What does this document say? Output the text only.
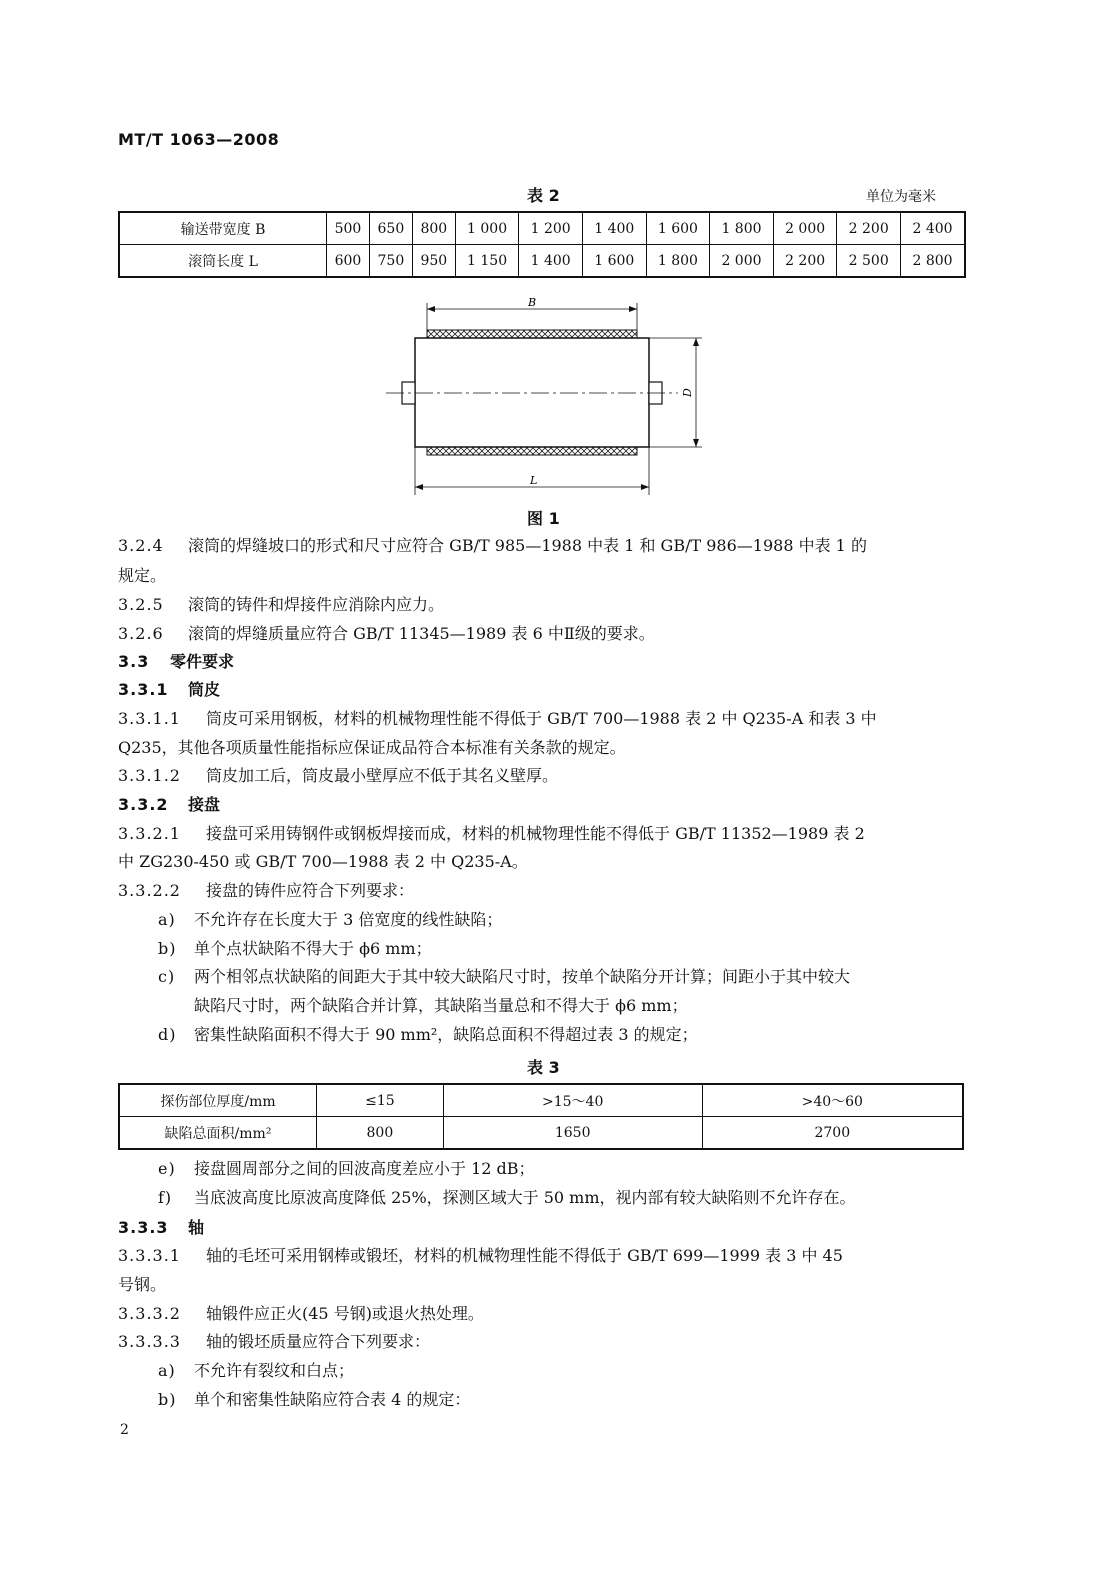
MT/T 1063—2008
表 2	单位为毫米
输送带宽度 B	500	650	800	1 000	1 200	1 400	1 600	1 800	2 000	2 200	2 400
滚筒长度 L	600	750	950	1 150	1 400	1 600	1 800	2 000	2 200	2 500	2 800
B
D
L
图 1
3.2.4 滚筒的焊缝坡口的形式和尺寸应符合 GB/T 985—1988 中表 1 和 GB/T 986—1988 中表 1 的
规定。
3.2.5 滚筒的铸件和焊接件应消除内应力。
3.2.6 滚筒的焊缝质量应符合 GB/T 11345—1989 表 6 中Ⅱ级的要求。
3.3 零件要求
3.3.1 筒皮
3.3.1.1 筒皮可采用钢板，材料的机械物理性能不得低于 GB/T 700—1988 表 2 中 Q235-A 和表 3 中
Q235，其他各项质量性能指标应保证成品符合本标准有关条款的规定。
3.3.1.2 筒皮加工后，筒皮最小壁厚应不低于其名义壁厚。
3.3.2 接盘
3.3.2.1 接盘可采用铸钢件或钢板焊接而成，材料的机械物理性能不得低于 GB/T 11352—1989 表 2
中 ZG230-450 或 GB/T 700—1988 表 2 中 Q235-A。
3.3.2.2 接盘的铸件应符合下列要求：
a) 不允许存在长度大于 3 倍宽度的线性缺陷；
b) 单个点状缺陷不得大于 ϕ6 mm；
c) 两个相邻点状缺陷的间距大于其中较大缺陷尺寸时，按单个缺陷分开计算；间距小于其中较大
缺陷尺寸时，两个缺陷合并计算，其缺陷当量总和不得大于 ϕ6 mm；
d) 密集性缺陷面积不得大于 90 mm²，缺陷总面积不得超过表 3 的规定；
表 3
探伤部位厚度/mm	≤15	>15～40	>40～60
缺陷总面积/mm²	800	1650	2700
e) 接盘圆周部分之间的回波高度差应小于 12 dB；
f) 当底波高度比原波高度降低 25%，探测区域大于 50 mm，视内部有较大缺陷则不允许存在。
3.3.3 轴
3.3.3.1 轴的毛坯可采用钢棒或锻坯，材料的机械物理性能不得低于 GB/T 699—1999 表 3 中 45
号钢。
3.3.3.2 轴锻件应正火(45 号钢)或退火热处理。
3.3.3.3 轴的锻坯质量应符合下列要求：
a) 不允许有裂纹和白点；
b) 单个和密集性缺陷应符合表 4 的规定：
2
